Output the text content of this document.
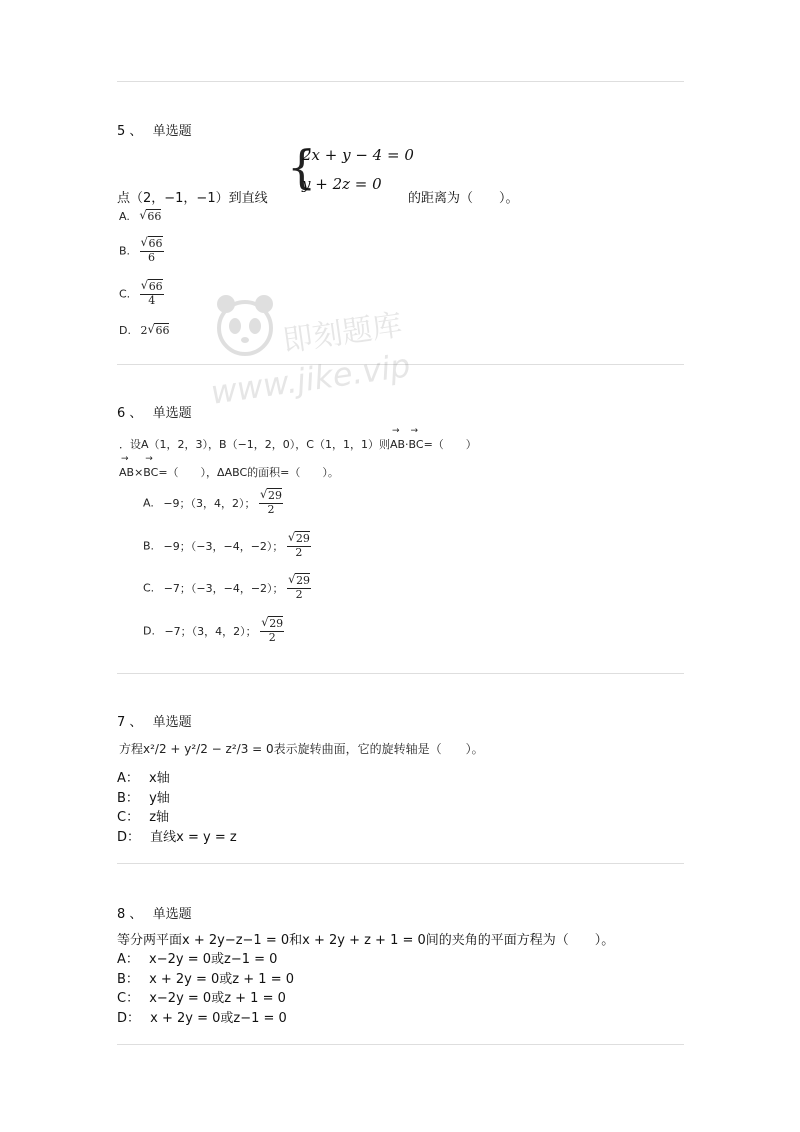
即刻题库
www.jike.vip
5 、 单选题
{
2x + y − 4 = 0
y + 2z = 0
点（2，−1，−1）到直线	的距离为（　　）。
A. √ 66
B. $\frac{√ 66}{6}$
C. $\frac{√ 66}{4}$
D. 2 √ 66
6 、 单选题
．设A（1，2，3），B（−1，2，0），C（1，1，1）则→ AB·→ BC=（　　）
→ AB×→ BC=（　　），ΔABC的面积=（　　）。
A. −9；（3，4，2）； $\frac{√ 29}{2}$
B. −9；（−3，−4，−2）； $\frac{√ 29}{2}$
C. −7；（−3，−4，−2）； $\frac{√ 29}{2}$
D. −7；（3，4，2）； $\frac{√ 29}{2}$
7 、 单选题
方程x²/2 + y²/2 − z²/3 = 0表示旋转曲面，它的旋转轴是（　　）。
A： x轴
B： y轴
C： z轴
D： 直线x = y = z
8 、 单选题
等分两平面x + 2y−z−1 = 0和x + 2y + z + 1 = 0间的夹角的平面方程为（　　）。
A： x−2y = 0或z−1 = 0
B： x + 2y = 0或z + 1 = 0
C： x−2y = 0或z + 1 = 0
D： x + 2y = 0或z−1 = 0
